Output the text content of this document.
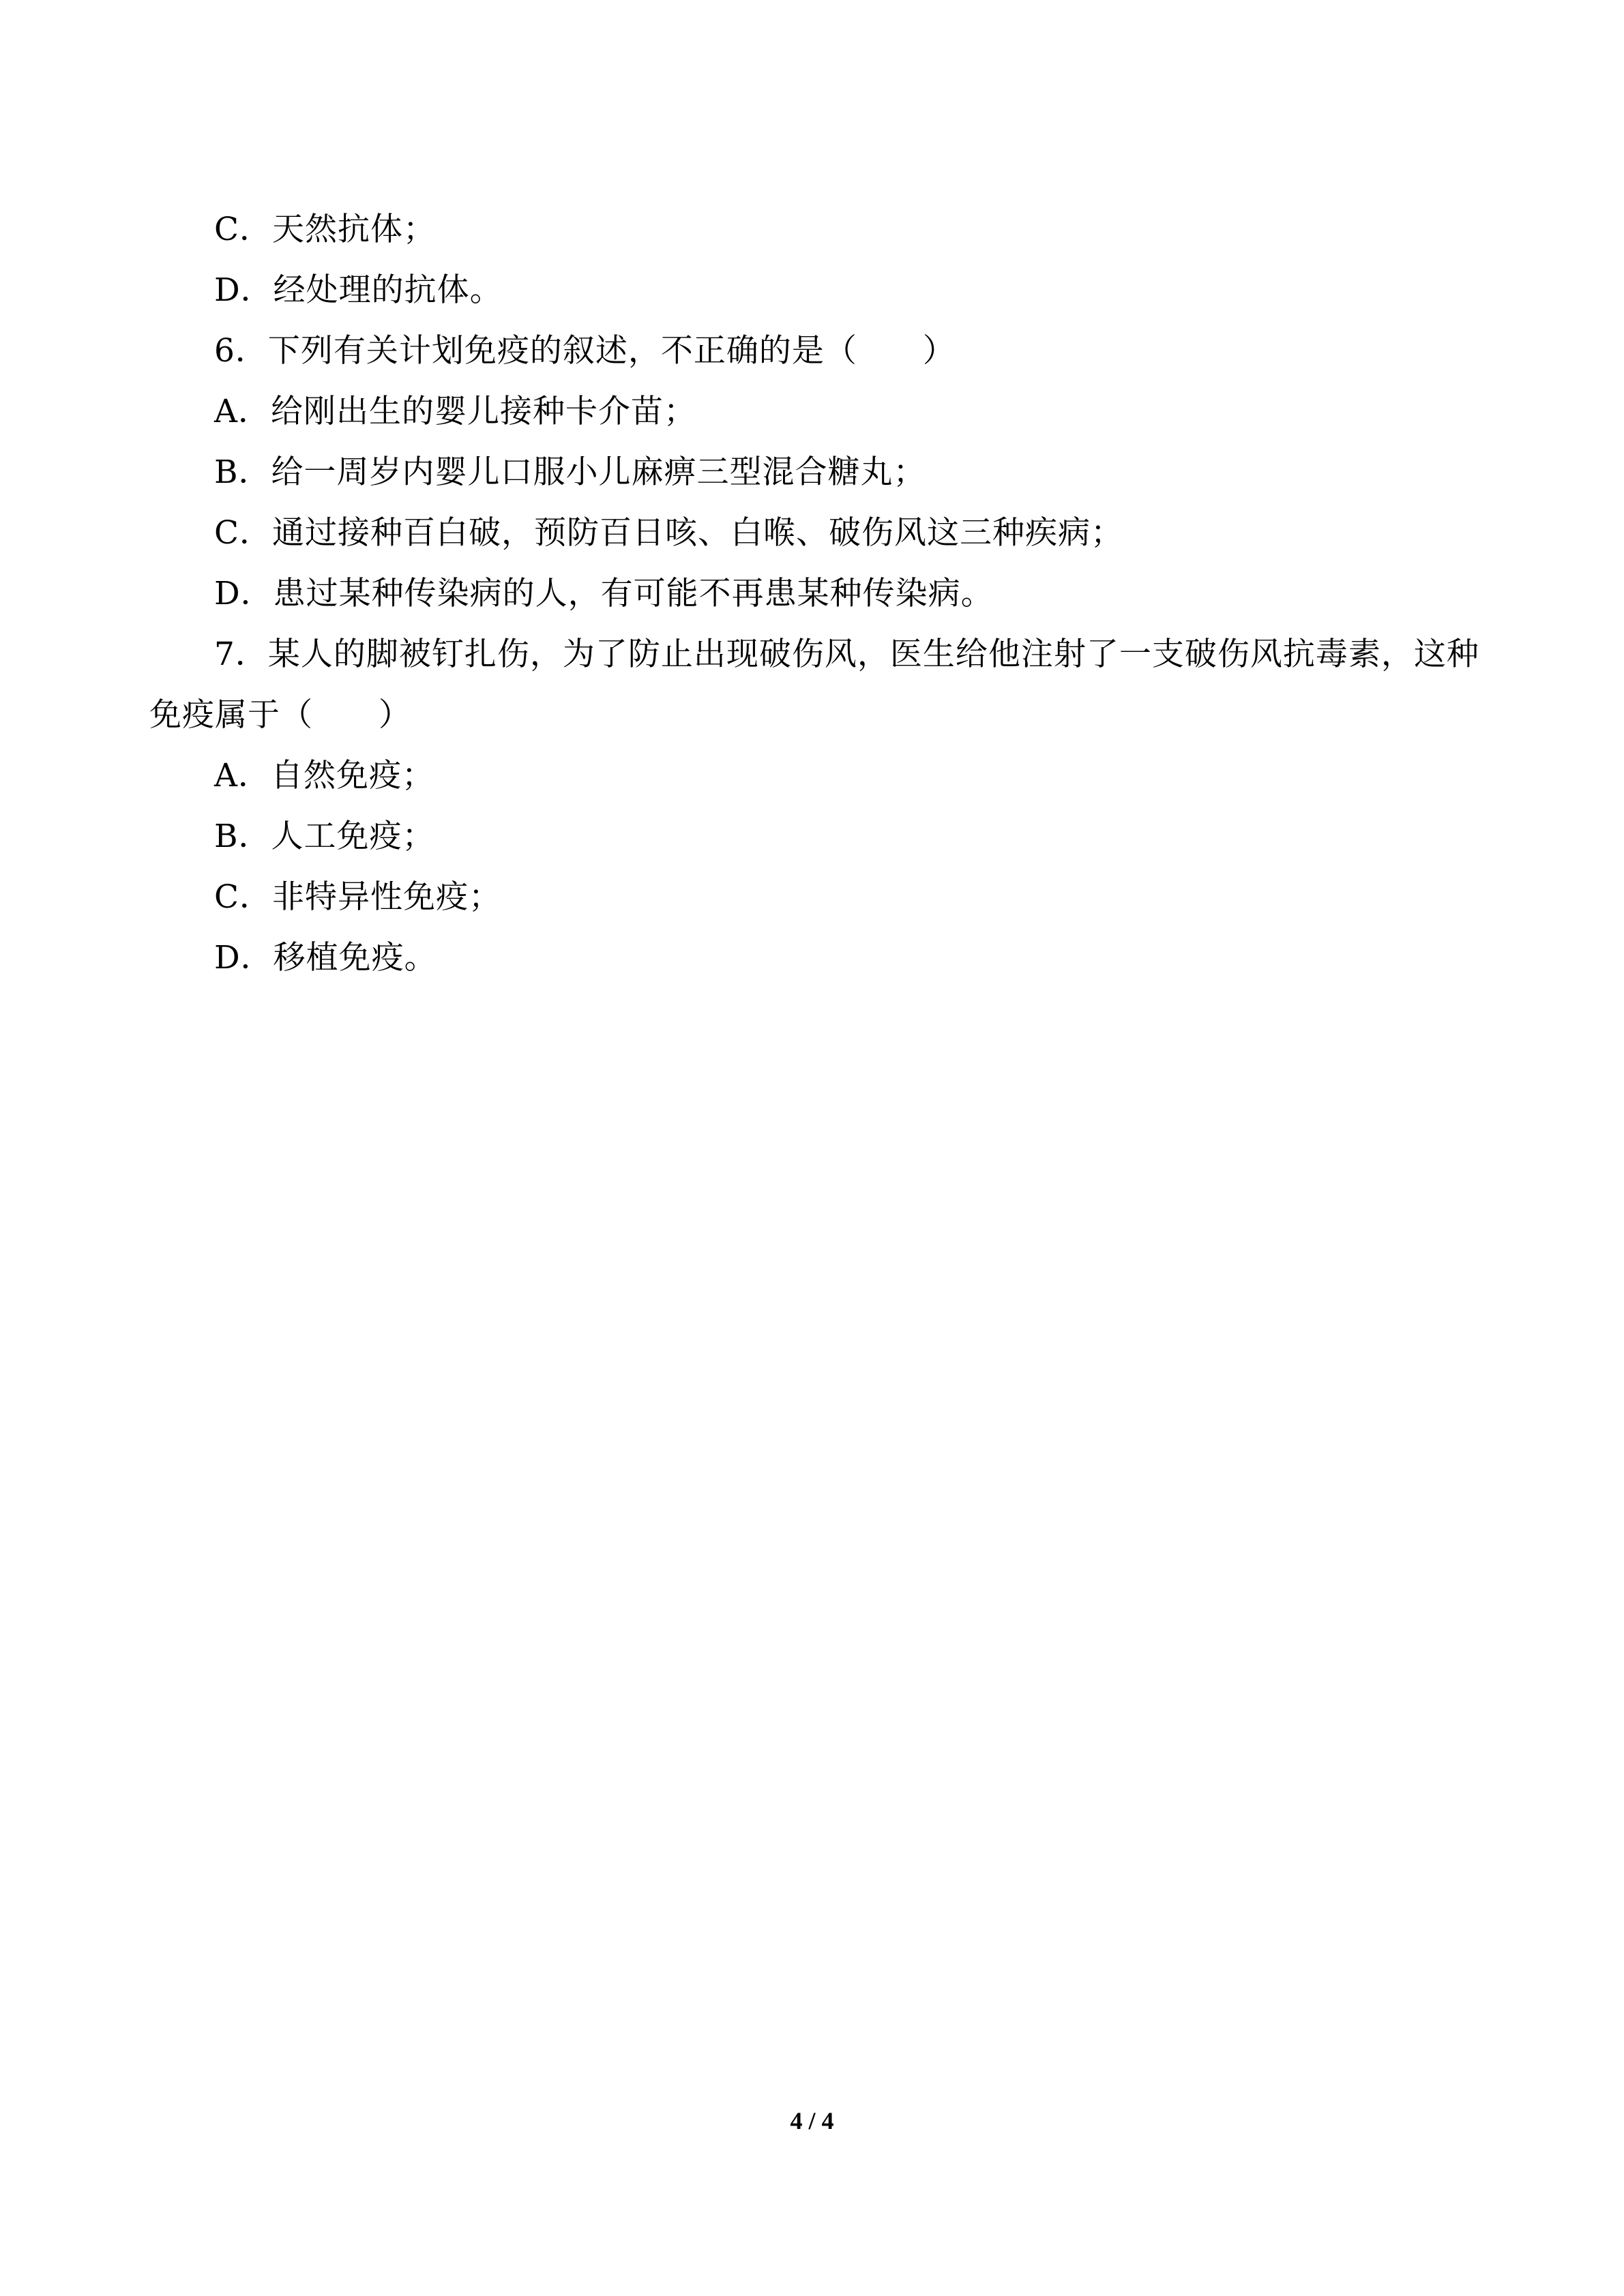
C．天然抗体；
D．经处理的抗体。
6．下列有关计划免疫的叙述，不正确的是（　　）
A．给刚出生的婴儿接种卡介苗；
B．给一周岁内婴儿口服小儿麻痹三型混合糖丸；
C．通过接种百白破，预防百日咳、白喉、破伤风这三种疾病；
D．患过某种传染病的人，有可能不再患某种传染病。
7．某人的脚被钉扎伤，为了防止出现破伤风，医生给他注射了一支破伤风抗毒素，这种
免疫属于（　　）
A．自然免疫；
B．人工免疫；
C．非特异性免疫；
D．移植免疫。
4 / 4
